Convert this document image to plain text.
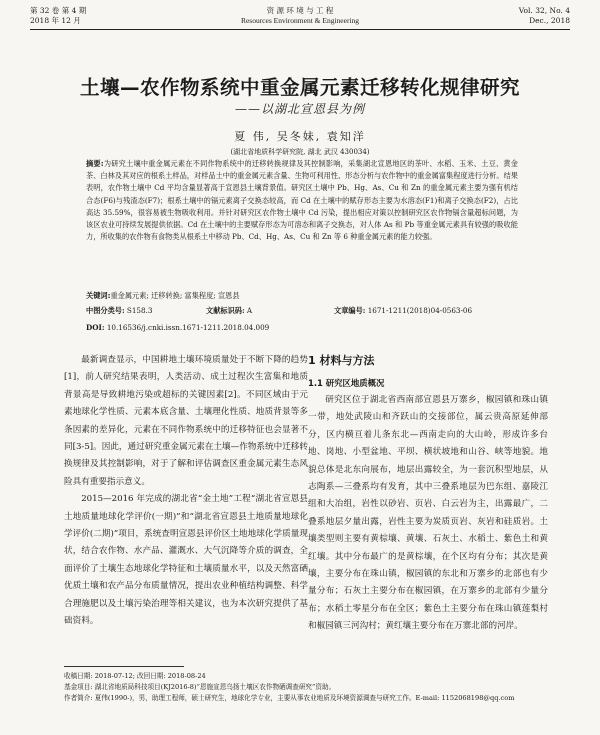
第 32 卷 第 4 期
2018 年 12 月
资 源 环 境 与 工 程
Resources Environment & Engineering
Vol. 32, No. 4
Dec., 2018
土壤—农作物系统中重金属元素迁移转化规律研究
——以湖北宣恩县为例
夏 伟, 吴冬妹, 袁知洋
(湖北省地质科学研究院, 湖北 武汉 430034)
摘要:为研究土壤中重金属元素在不同作物系统中的迁移转换规律及其控制影响，采集湖北宣恩地区的茶叶、水稻、玉米、土豆、黄金茶、白林及其对应的根系土样品，对样品土中的重金属元素含量、生物可利用性、形态分析与农作物中的重金属富集程度进行分析。结果表明，农作物土壤中 Cd 平均含量显著高于宣恩县土壤背景值。研究区土壤中 Pb、Hg、As、Cu 和 Zn 的重金属元素主要为强有机结合态(F6)与残渣态(F7)；根系土壤中的镉元素离子交换态较高，而 Cd 在土壤中的赋存形态主要为水溶态(F1)和离子交换态(F2)，占比高达 35.59%，很容易被生物吸收利用。并针对研究区农作物土壤中 Cd 污染，提出相应对策以控制研究区农作物镉含量超标问题，为该区农业可持续发展提供依据。Cd 在土壤中的主要赋存形态为可溶态和离子交换态，对人体 As 和 Pb 等重金属元素具有较强的吸收能力，所收集的农作物有食物类从根系土中移动 Pb、Cd、Hg、As、Cu 和 Zn 等 6 种重金属元素的能力较强。
关键词:重金属元素; 迁移转换; 富集程度; 宣恩县
中图分类号: S158.3	文献标识码: A	文章编号: 1671-1211(2018)04-0563-06
DOI: 10.16536/j.cnki.issn.1671-1211.2018.04.009

最新调查显示，中国耕地土壤环境质量处于不断下降的趋势[1]，前人研究结果表明，人类活动、成土过程次生富集和地质背景高是导致耕地污染或超标的关键因素[2]。不同区域由于元素地球化学性质、元素本底含量、土壤理化性质、地质背景等多条因素的差异化，元素在不同作物系统中的迁移特征也会显著不同[3-5]。因此，通过研究重金属元素在土壤—作物系统中迁移转换规律及其控制影响，对于了解和评估调查区重金属元素生态风险具有重要指示意义。

2015—2016 年完成的湖北省“金土地”工程“湖北省宣恩县土地质量地球化学评价(一期)”和“湖北省宣恩县土地质量地球化学评价(二期)”项目，系统查明宣恩县评价区土地地球化学质量现状，结合农作物、水产品、灌溉水、大气沉降等介质的调查，全面评价了土壤生态地球化学特征和土壤质量水平，以及天然富硒优质土壤和农产品分布质量情况，提出农业种植结构调整、科学合理施肥以及土壤污染治理等相关建议，也为本次研究提供了基础资料。

1 材料与方法
1.1 研究区地质概况

研究区位于湖北省西南部宣恩县万寨乡，椒园镇和珠山镇一带，地处武陵山和齐跃山的交接部位，属云贵高原延伸部分，区内横亘着儿条东北—西南走向的大山岭，形成许多台地、岗地、小型盆地、平坝、横状坡地和山谷、峡等地貌。地貌总体是北东向展布，地层出露较全，为一套沉积型地层，从志陶系—三叠系均有发育，其中三叠系地层为巴东组、嘉陵江组和大冶组，岩性以砂岩、页岩、白云岩为主，出露最广，二叠系地层夕量出露，岩性主要为炭质页岩、灰岩和硅质岩。土壤类型则主要有黄棕壤、黄壤、石灰土、水稻土、紫色土和黄红壤。其中分布最广的是黄棕壤，在个区均有分布；其次是黄壤，主要分布在珠山镇，椒园镇的东北和万寨乡的北部也有少量分布；石灰土主要分布在椒园镇，在万寨乡的北部有少量分布；水稻土零星分布在全区；紫色土主要分布在珠山镇莲梨村和椒园镇三河沟村；黄红壤主要分布在万寨北部的河岸。

收稿日期: 2018-07-12; 改回日期: 2018-08-24
基金项目: 湖北省地质局科技项目(KJ2016-8)“恩施宣恩乌扬土壤区农作物硒调查研究”资助。
作者简介: 夏伟(1990-)，男，助理工程师，硕士研究生，地球化学专业，主要从事农业地质及环境资源调查与研究工作。E-mail: 1152068198@qq.com
